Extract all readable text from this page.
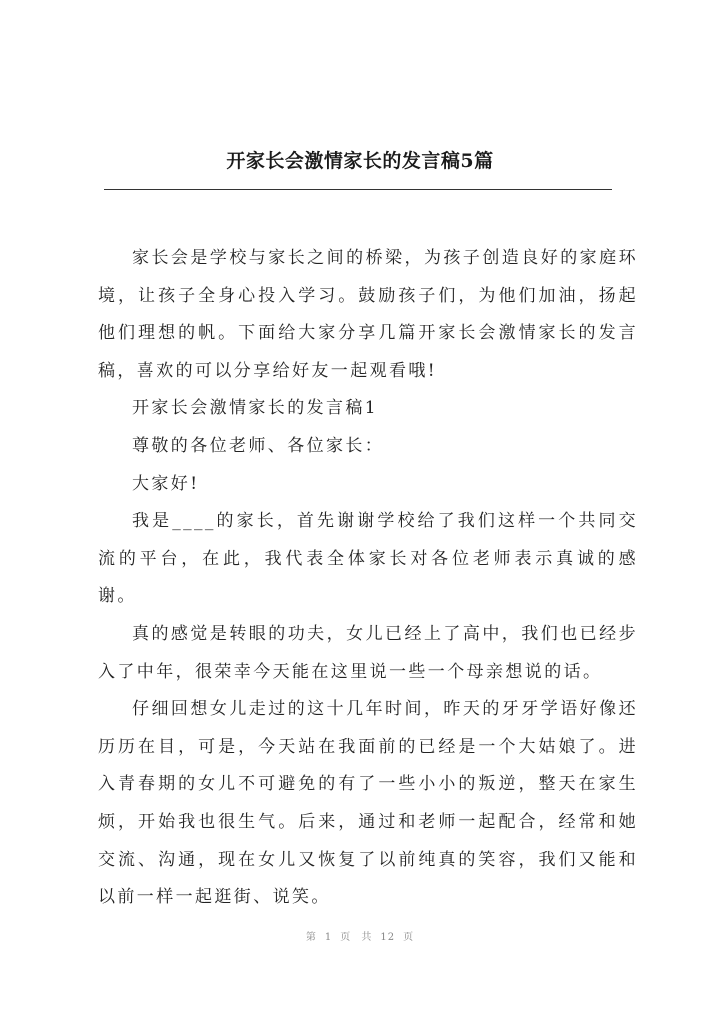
开家长会激情家长的发言稿5篇

家长会是学校与家长之间的桥梁，为孩子创造良好的家庭环境，让孩子全身心投入学习。鼓励孩子们，为他们加油，扬起他们理想的帆。下面给大家分享几篇开家长会激情家长的发言稿，喜欢的可以分享给好友一起观看哦!

开家长会激情家长的发言稿1

尊敬的各位老师、各位家长：

大家好!

我是____的家长，首先谢谢学校给了我们这样一个共同交流的平台，在此，我代表全体家长对各位老师表示真诚的感谢。

真的感觉是转眼的功夫，女儿已经上了高中，我们也已经步入了中年，很荣幸今天能在这里说一些一个母亲想说的话。

仔细回想女儿走过的这十几年时间，昨天的牙牙学语好像还历历在目，可是，今天站在我面前的已经是一个大姑娘了。进入青春期的女儿不可避免的有了一些小小的叛逆，整天在家生烦，开始我也很生气。后来，通过和老师一起配合，经常和她交流、沟通，现在女儿又恢复了以前纯真的笑容，我们又能和以前一样一起逛街、说笑。

第 1 页 共 12 页
